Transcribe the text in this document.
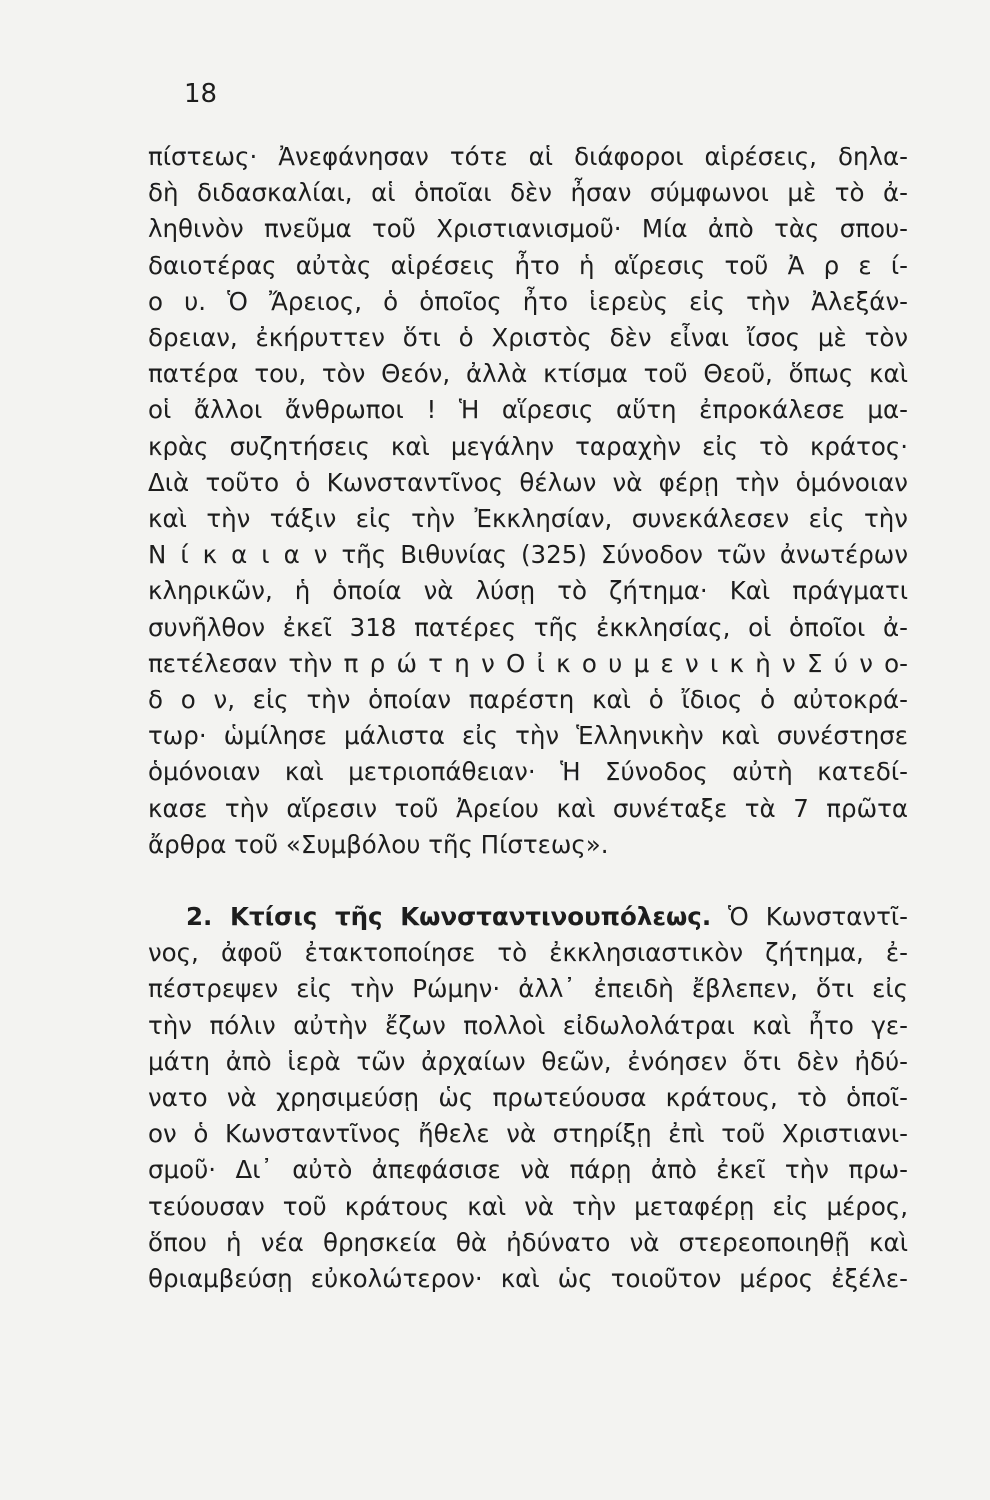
18
πίστεως· Ἀνεφάνησαν τότε αἱ διάφοροι αἱρέσεις, δηλα-
δὴ διδασκαλίαι, αἱ ὁποῖαι δὲν ἦσαν σύμφωνοι μὲ τὸ ἀ-
ληθινὸν πνεῦμα τοῦ Χριστιανισμοῦ· Μία ἀπὸ τὰς σπου-
δαιοτέρας αὐτὰς αἱρέσεις ἦτο ἡ αἵρεσις τοῦ Ἀ ρ ε ί-
ο υ. Ὁ Ἄρειος, ὁ ὁποῖος ἦτο ἱερεὺς εἰς τὴν Ἀλεξάν-
δρειαν, ἐκήρυττεν ὅτι ὁ Χριστὸς δὲν εἶναι ἴσος μὲ τὸν
πατέρα του, τὸν Θεόν, ἀλλὰ κτίσμα τοῦ Θεοῦ, ὅπως καὶ
οἱ ἄλλοι ἄνθρωποι ! Ἡ αἵρεσις αὕτη ἐπροκάλεσε μα-
κρὰς συζητήσεις καὶ μεγάλην ταραχὴν εἰς τὸ κράτος·
Διὰ τοῦτο ὁ Κωνσταντῖνος θέλων νὰ φέρῃ τὴν ὁμόνοιαν
καὶ τὴν τάξιν εἰς τὴν Ἐκκλησίαν, συνεκάλεσεν εἰς τὴν
Ν ί κ α ι α ν τῆς Βιθυνίας (325) Σύνοδον τῶν ἀνωτέρων
κληρικῶν, ἡ ὁποία νὰ λύσῃ τὸ ζήτημα· Καὶ πράγματι
συνῆλθον ἐκεῖ 318 πατέρες τῆς ἐκκλησίας, οἱ ὁποῖοι ἀ-
πετέλεσαν τὴν π ρ ώ τ η ν Ο ἰ κ ο υ μ ε ν ι κ ὴ ν Σ ύ ν ο-
δ ο ν, εἰς τὴν ὁποίαν παρέστη καὶ ὁ ἴδιος ὁ αὐτοκρά-
τωρ· ὡμίλησε μάλιστα εἰς τὴν Ἑλληνικὴν καὶ συνέστησε
ὁμόνοιαν καὶ μετριοπάθειαν· Ἡ Σύνοδος αὐτὴ κατεδί-
κασε τὴν αἵρεσιν τοῦ Ἀρείου καὶ συνέταξε τὰ 7 πρῶτα
ἄρθρα τοῦ «Συμβόλου τῆς Πίστεως».
2. Κτίσις τῆς Κωνσταντινουπόλεως. Ὁ Κωνσταντῖ-
νος, ἀφοῦ ἐτακτοποίησε τὸ ἐκκλησιαστικὸν ζήτημα, ἐ-
πέστρεψεν εἰς τὴν Ρώμην· ἀλλ᾽ ἐπειδὴ ἔβλεπεν, ὅτι εἰς
τὴν πόλιν αὐτὴν ἔζων πολλοὶ εἰδωλολάτραι καὶ ἦτο γε-
μάτη ἀπὸ ἱερὰ τῶν ἀρχαίων θεῶν, ἐνόησεν ὅτι δὲν ἠδύ-
νατο νὰ χρησιμεύσῃ ὡς πρωτεύουσα κράτους, τὸ ὁποῖ-
ον ὁ Κωνσταντῖνος ἤθελε νὰ στηρίξῃ ἐπὶ τοῦ Χριστιανι-
σμοῦ· Δι᾽ αὐτὸ ἀπεφάσισε νὰ πάρῃ ἀπὸ ἐκεῖ τὴν πρω-
τεύουσαν τοῦ κράτους καὶ νὰ τὴν μεταφέρῃ εἰς μέρος,
ὅπου ἡ νέα θρησκεία θὰ ἠδύνατο νὰ στερεοποιηθῇ καὶ
θριαμβεύσῃ εὐκολώτερον· καὶ ὡς τοιοῦτον μέρος ἐξέλε-
